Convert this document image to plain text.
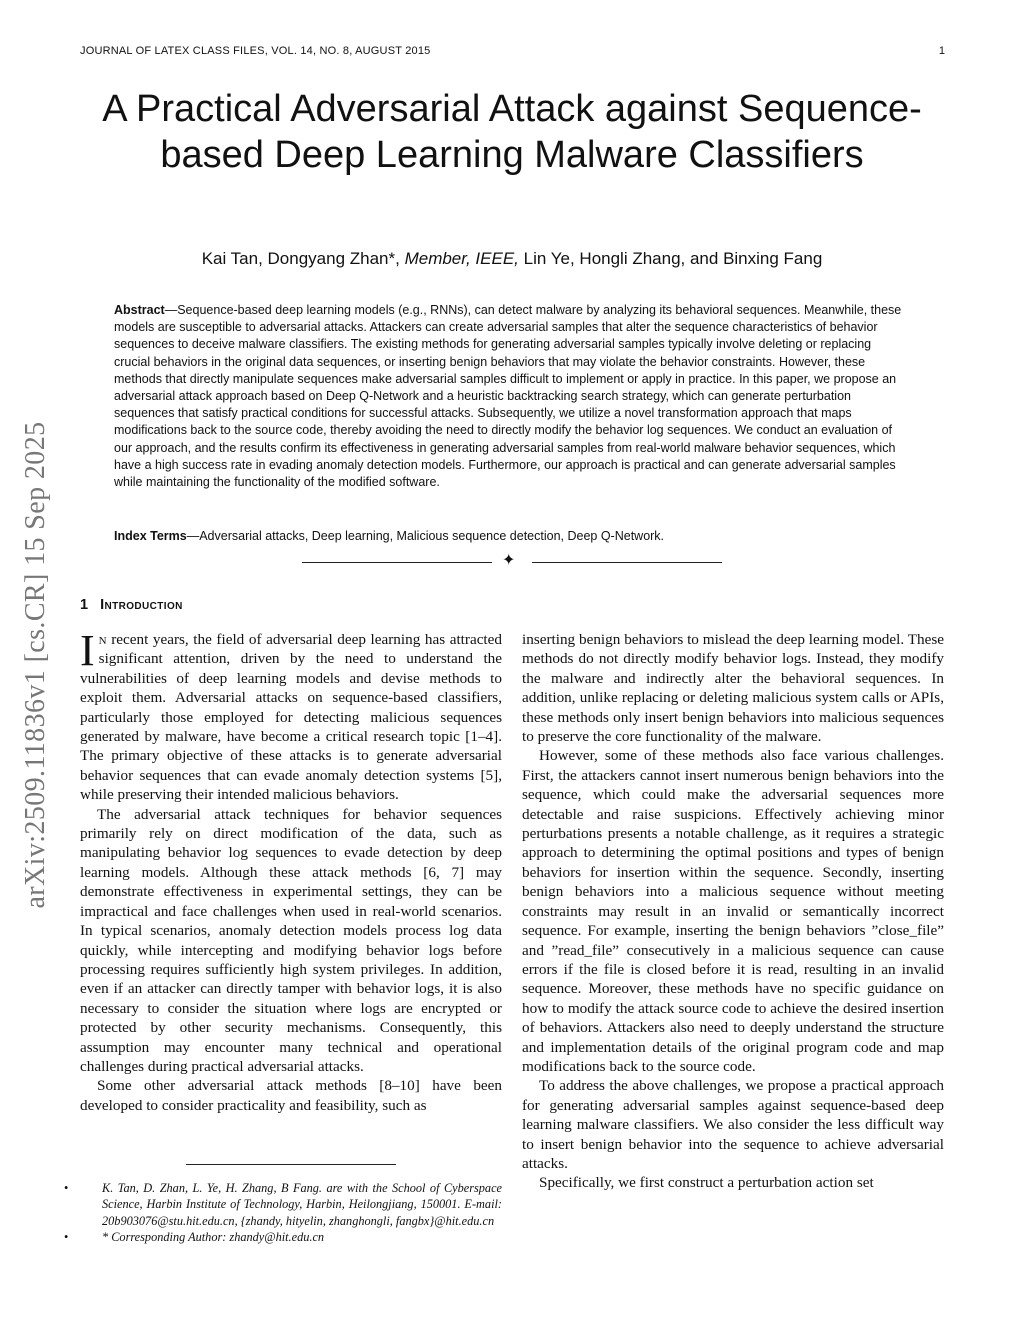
JOURNAL OF LATEX CLASS FILES, VOL. 14, NO. 8, AUGUST 2015	1
arXiv:2509.11836v1 [cs.CR] 15 Sep 2025
A Practical Adversarial Attack against Sequence-based Deep Learning Malware Classifiers
Kai Tan, Dongyang Zhan*, Member, IEEE, Lin Ye, Hongli Zhang, and Binxing Fang

Abstract—Sequence-based deep learning models (e.g., RNNs), can detect malware by analyzing its behavioral sequences. Meanwhile, these models are susceptible to adversarial attacks. Attackers can create adversarial samples that alter the sequence characteristics of behavior sequences to deceive malware classifiers. The existing methods for generating adversarial samples typically involve deleting or replacing crucial behaviors in the original data sequences, or inserting benign behaviors that may violate the behavior constraints. However, these methods that directly manipulate sequences make adversarial samples difficult to implement or apply in practice. In this paper, we propose an adversarial attack approach based on Deep Q-Network and a heuristic backtracking search strategy, which can generate perturbation sequences that satisfy practical conditions for successful attacks. Subsequently, we utilize a novel transformation approach that maps modifications back to the source code, thereby avoiding the need to directly modify the behavior log sequences. We conduct an evaluation of our approach, and the results confirm its effectiveness in generating adversarial samples from real-world malware behavior sequences, which have a high success rate in evading anomaly detection models. Furthermore, our approach is practical and can generate adversarial samples while maintaining the functionality of the modified software.

Index Terms—Adversarial attacks, Deep learning, Malicious sequence detection, Deep Q-Network.

✦
1 Introduction

In recent years, the field of adversarial deep learning has attracted significant attention, driven by the need to understand the vulnerabilities of deep learning models and devise methods to exploit them. Adversarial attacks on sequence-based classifiers, particularly those employed for detecting malicious sequences generated by malware, have become a critical research topic [1–4]. The primary objective of these attacks is to generate adversarial behavior sequences that can evade anomaly detection systems [5], while preserving their intended malicious behaviors.

The adversarial attack techniques for behavior sequences primarily rely on direct modification of the data, such as manipulating behavior log sequences to evade detection by deep learning models. Although these attack methods [6, 7] may demonstrate effectiveness in experimental settings, they can be impractical and face challenges when used in real-world scenarios. In typical scenarios, anomaly detection models process log data quickly, while intercepting and modifying behavior logs before processing requires sufficiently high system privileges. In addition, even if an attacker can directly tamper with behavior logs, it is also necessary to consider the situation where logs are encrypted or protected by other security mechanisms. Consequently, this assumption may encounter many technical and operational challenges during practical adversarial attacks.

Some other adversarial attack methods [8–10] have been developed to consider practicality and feasibility, such as

inserting benign behaviors to mislead the deep learning model. These methods do not directly modify behavior logs. Instead, they modify the malware and indirectly alter the behavioral sequences. In addition, unlike replacing or deleting malicious system calls or APIs, these methods only insert benign behaviors into malicious sequences to preserve the core functionality of the malware.

However, some of these methods also face various challenges. First, the attackers cannot insert numerous benign behaviors into the sequence, which could make the adversarial sequences more detectable and raise suspicions. Effectively achieving minor perturbations presents a notable challenge, as it requires a strategic approach to determining the optimal positions and types of benign behaviors for insertion within the sequence. Secondly, inserting benign behaviors into a malicious sequence without meeting constraints may result in an invalid or semantically incorrect sequence. For example, inserting the benign behaviors ”close_file” and ”read_file” consecutively in a malicious sequence can cause errors if the file is closed before it is read, resulting in an invalid sequence. Moreover, these methods have no specific guidance on how to modify the attack source code to achieve the desired insertion of behaviors. Attackers also need to deeply understand the structure and implementation details of the original program code and map modifications back to the source code.

To address the above challenges, we propose a practical approach for generating adversarial samples against sequence-based deep learning malware classifiers. We also consider the less difficult way to insert benign behavior into the sequence to achieve adversarial attacks.

Specifically, we first construct a perturbation action set

•	K. Tan, D. Zhan, L. Ye, H. Zhang, B Fang. are with the School of Cyberspace Science, Harbin Institute of Technology, Harbin, Heilongjiang, 150001. E-mail: 20b903076@stu.hit.edu.cn, {zhandy, hityelin, zhanghongli, fangbx}@hit.edu.cn
•	* Corresponding Author: zhandy@hit.edu.cn
